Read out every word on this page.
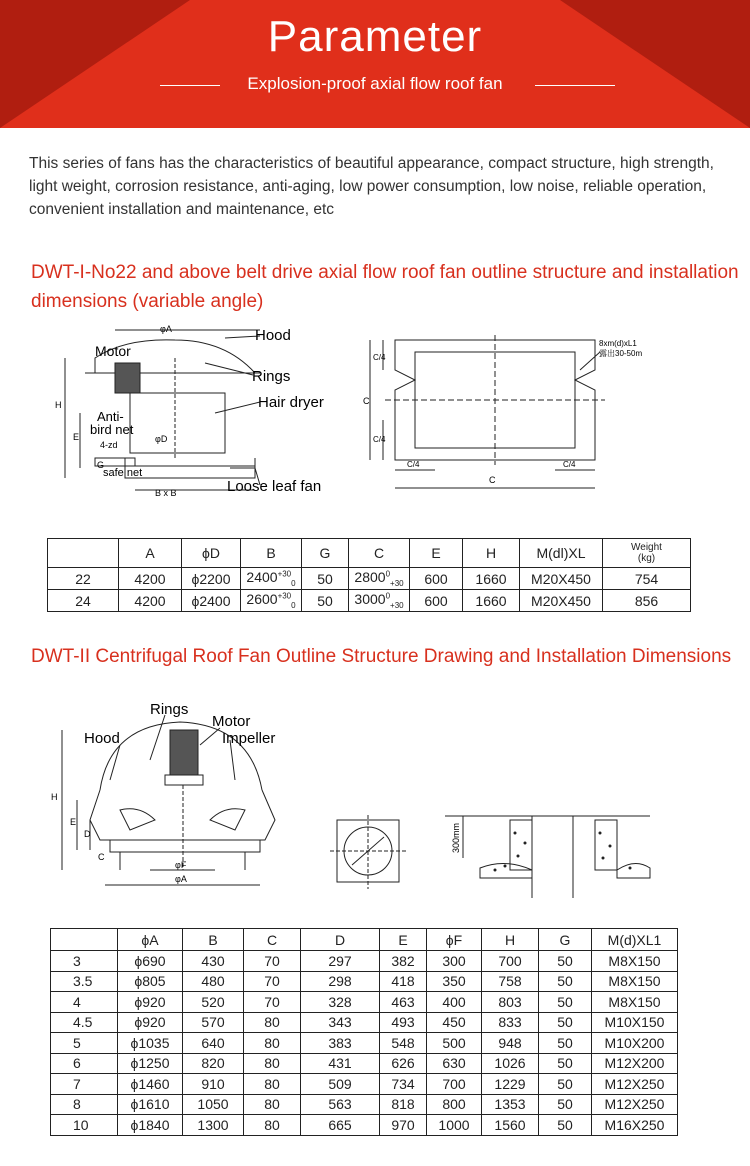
Parameter
Explosion-proof axial flow roof fan
This series of fans has the characteristics of beautiful appearance, compact structure, high strength, light weight, corrosion resistance, anti-aging, low power consumption, low noise, reliable operation, convenient installation and maintenance, etc
DWT-I-No22 and above belt drive axial flow roof fan outline structure and installation dimensions (variable angle)
φA
H
E	φD
4-zd
G
B x B
Hood
Motor
Rings
Hair dryer
Anti-
bird net
safe net
Loose leaf fan
C
C/4
C/4
C/4	C/4
C
8xm(d)xL1
露出30-50m
	A	ϕD	B	G	C	E	H	M(dl)XL	Weight
(kg)

22	4200	ϕ2200	$2400^{+30}_0$	50	$2800^0_{+30}$	600	1660	M20X450	754
24	4200	ϕ2400	$2600^{+30}_0$	50	$3000^0_{+30}$	600	1660	M20X450	856
DWT-II Centrifugal Roof Fan Outline Structure Drawing and Installation Dimensions
H
E
D
C
φF
φA
Rings
Motor
Impeller
Hood
300mm
	ϕA	B	C	D	E	ϕF	H	G	M(d)XL1
3	ϕ690	430	70	297	382	300	700	50	M8X150
3.5	ϕ805	480	70	298	418	350	758	50	M8X150
4	ϕ920	520	70	328	463	400	803	50	M8X150
4.5	ϕ920	570	80	343	493	450	833	50	M10X150
5	ϕ1035	640	80	383	548	500	948	50	M10X200
6	ϕ1250	820	80	431	626	630	1026	50	M12X200
7	ϕ1460	910	80	509	734	700	1229	50	M12X250
8	ϕ1610	1050	80	563	818	800	1353	50	M12X250
10	ϕ1840	1300	80	665	970	1000	1560	50	M16X250
